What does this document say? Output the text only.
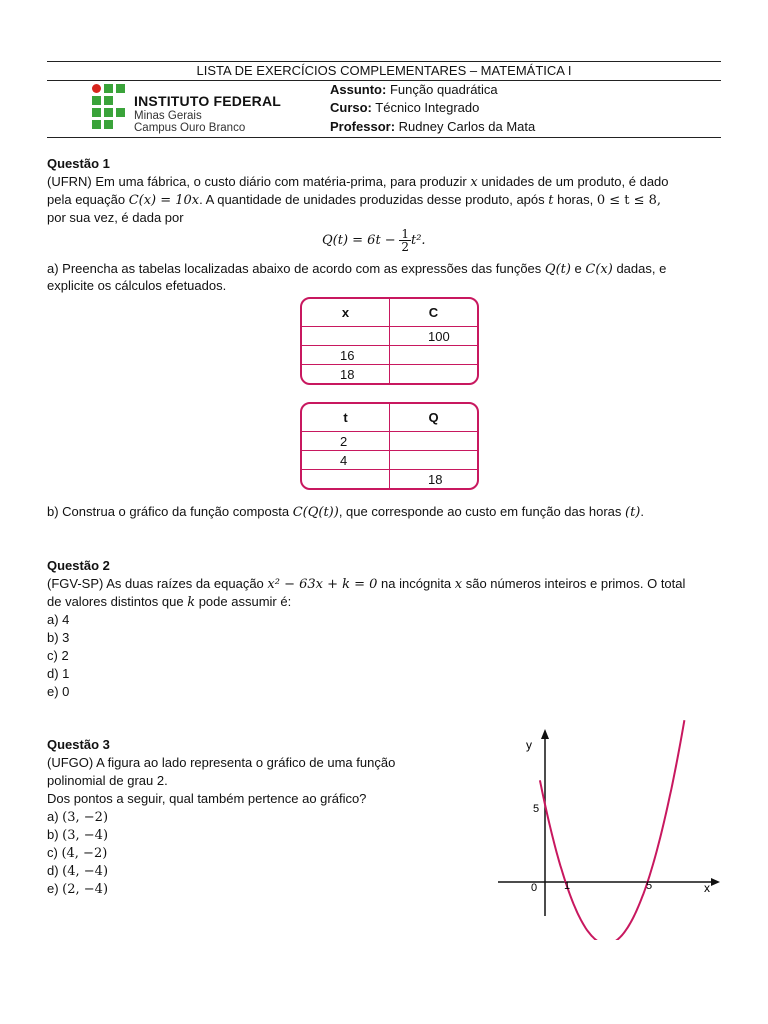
LISTA DE EXERCÍCIOS COMPLEMENTARES – MATEMÁTICA I
INSTITUTO FEDERAL
Minas Gerais
Campus Ouro Branco
Assunto: Função quadrática
Curso: Técnico Integrado
Professor: Rudney Carlos da Mata
Questão 1
(UFRN) Em uma fábrica, o custo diário com matéria-prima, para produzir x unidades de um produto, é dado
pela equação C(x) = 10x. A quantidade de unidades produzidas desse produto, após t horas, 0 ≤ t ≤ 8,
por sua vez, é dada por
$Q(t) = 6t - \frac{1}{2} t^2$.
a) Preencha as tabelas localizadas abaixo de acordo com as expressões das funções Q(t) e C(x) dadas, e
explicite os cálculos efetuados.
x	C
	100
16	
18	
t	Q
2	
4	
	18
b) Construa o gráfico da função composta C(Q(t)), que corresponde ao custo em função das horas (t).
Questão 2
(FGV-SP) As duas raízes da equação x² − 63x + k = 0 na incógnita x são números inteiros e primos. O total
de valores distintos que k pode assumir é:
a) 4
b) 3
c) 2
d) 1
e) 0
Questão 3
(UFGO) A figura ao lado representa o gráfico de uma função
polinomial de grau 2.
Dos pontos a seguir, qual também pertence ao gráfico?
a) (3, −2)
b) (3, −4)
c) (4, −2)
d) (4, −4)
e) (2, −4)
y
x
0 1	5
5
